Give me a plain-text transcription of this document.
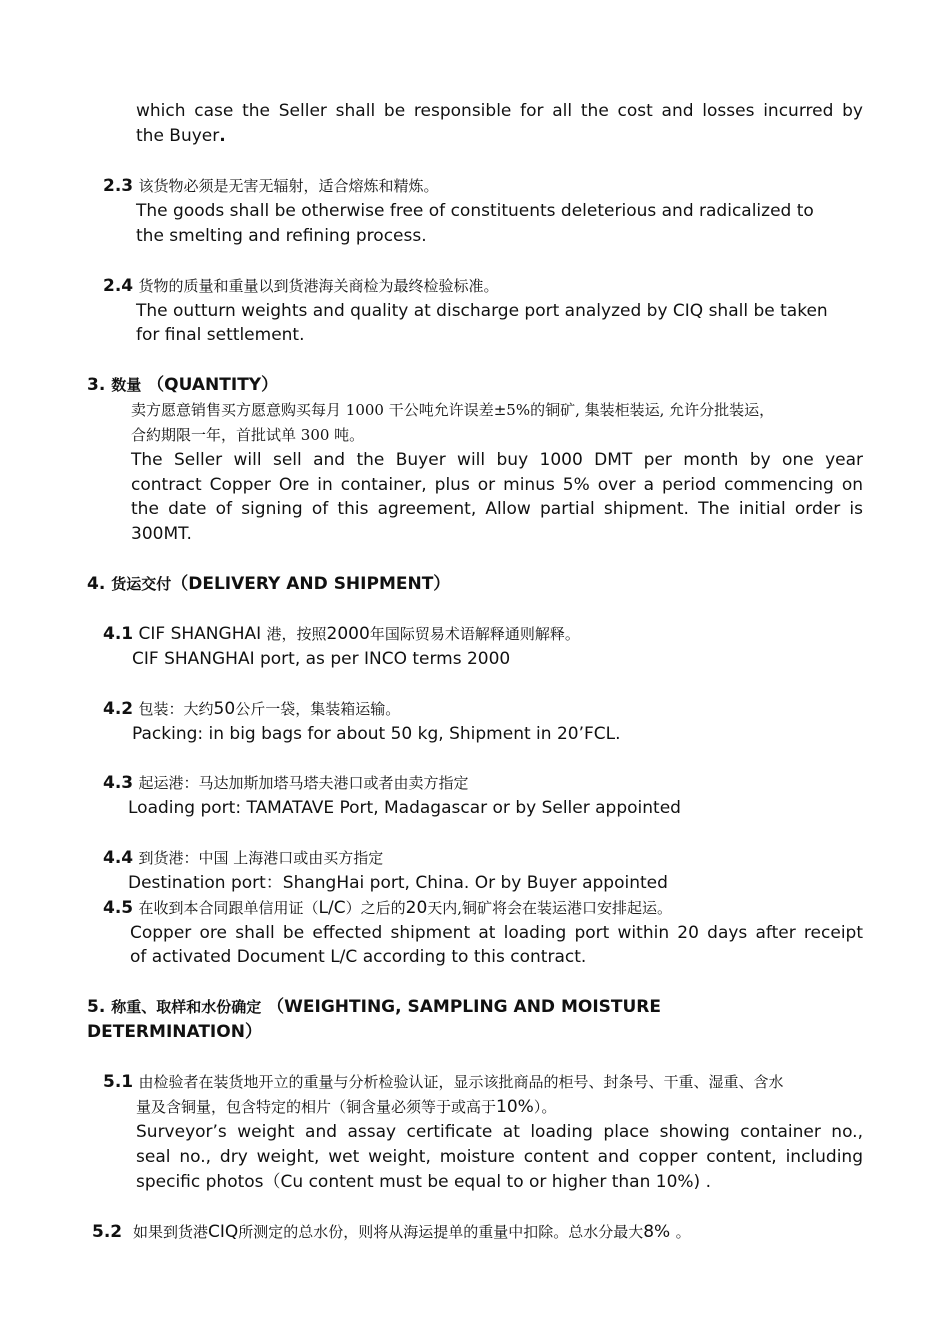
which case the Seller shall be responsible for all the cost and losses incurred by
the Buyer.
2.3 该货物必须是无害无辐射，适合熔炼和精炼。
The goods shall be otherwise free of constituents deleterious and radicalized to
the smelting and refining process.
2.4 货物的质量和重量以到货港海关商检为最终检验标准。
The outturn weights and quality at discharge port analyzed by CIQ shall be taken
for final settlement.
3. 数量 （QUANTITY）
卖方愿意销售买方愿意购买每月 1000 干公吨允许误差±5%的铜矿, 集装柜装运, 允许分批装运，
合約期限一年，首批试单 300 吨。
The Seller will sell and the Buyer will buy 1000 DMT per month by one year
contract Copper Ore in container, plus or minus 5% over a period commencing on
the date of signing of this agreement, Allow partial shipment. The initial order is
300MT.
4. 货运交付（DELIVERY AND SHIPMENT）
4.1 CIF SHANGHAI 港，按照2000年国际贸易术语解释通则解释。
CIF SHANGHAI port, as per INCO terms 2000
4.2 包装：大约50公斤一袋，集装箱运输。
Packing: in big bags for about 50 kg, Shipment in 20’FCL.
4.3 起运港：马达加斯加塔马塔夫港口或者由卖方指定
Loading port: TAMATAVE Port, Madagascar or by Seller appointed
4.4 到货港：中国 上海港口或由买方指定
Destination port：ShangHai port, China. Or by Buyer appointed
4.5 在收到本合同跟单信用证（L/C）之后的20天内,铜矿将会在装运港口安排起运。
Copper ore shall be effected shipment at loading port within 20 days after receipt
of activated Document L/C according to this contract.
5. 称重、取样和水份确定 （WEIGHTING, SAMPLING AND MOISTURE
DETERMINATION）
5.1 由检验者在装货地开立的重量与分析检验认证，显示该批商品的柜号、封条号、干重、湿重、含水
量及含铜量，包含特定的相片（铜含量必须等于或高于10%）。
Surveyor’s weight and assay certificate at loading place showing container no.,
seal no., dry weight, wet weight, moisture content and copper content, including
specific photos（Cu content must be equal to or higher than 10%) .
5.2 如果到货港CIQ所测定的总水份，则将从海运提单的重量中扣除。总水分最大8% 。
